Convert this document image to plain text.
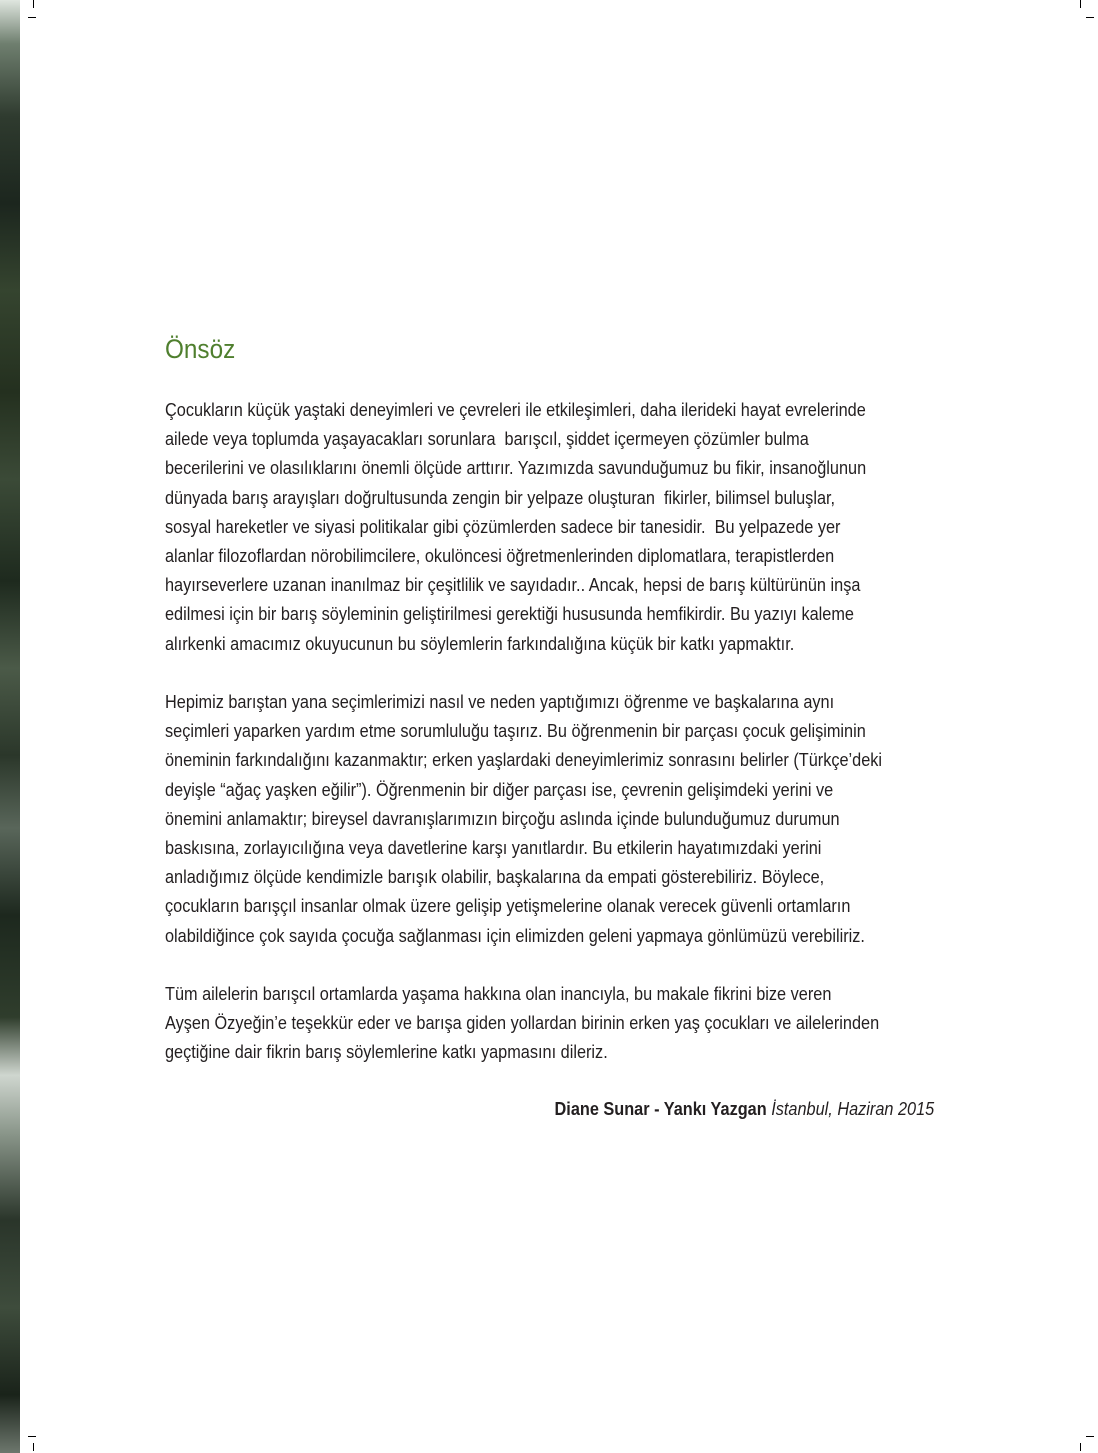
Önsöz

Çocukların küçük yaştaki deneyimleri ve çevreleri ile etkileşimleri, daha ilerideki hayat evrelerinde
ailede veya toplumda yaşayacakları sorunlara  barışcıl, şiddet içermeyen çözümler bulma
becerilerini ve olasılıklarını önemli ölçüde arttırır. Yazımızda savunduğumuz bu fikir, insanoğlunun
dünyada barış arayışları doğrultusunda zengin bir yelpaze oluşturan  fikirler, bilimsel buluşlar,
sosyal hareketler ve siyasi politikalar gibi çözümlerden sadece bir tanesidir.  Bu yelpazede yer
alanlar filozoflardan nörobilimcilere, okulöncesi öğretmenlerinden diplomatlara, terapistlerden
hayırseverlere uzanan inanılmaz bir çeşitlilik ve sayıdadır.. Ancak, hepsi de barış kültürünün inşa
edilmesi için bir barış söyleminin geliştirilmesi gerektiği hususunda hemfikirdir. Bu yazıyı kaleme
alırkenki amacımız okuyucunun bu söylemlerin farkındalığına küçük bir katkı yapmaktır.

Hepimiz barıştan yana seçimlerimizi nasıl ve neden yaptığımızı öğrenme ve başkalarına aynı
seçimleri yaparken yardım etme sorumluluğu taşırız. Bu öğrenmenin bir parçası çocuk gelişiminin
öneminin farkındalığını kazanmaktır; erken yaşlardaki deneyimlerimiz sonrasını belirler (Türkçe’deki
deyişle “ağaç yaşken eğilir”). Öğrenmenin bir diğer parçası ise, çevrenin gelişimdeki yerini ve
önemini anlamaktır; bireysel davranışlarımızın birçoğu aslında içinde bulunduğumuz durumun
baskısına, zorlayıcılığına veya davetlerine karşı yanıtlardır. Bu etkilerin hayatımızdaki yerini
anladığımız ölçüde kendimizle barışık olabilir, başkalarına da empati gösterebiliriz. Böylece,
çocukların barışçıl insanlar olmak üzere gelişip yetişmelerine olanak verecek güvenli ortamların
olabildiğince çok sayıda çocuğa sağlanması için elimizden geleni yapmaya gönlümüzü verebiliriz.

Tüm ailelerin barışcıl ortamlarda yaşama hakkına olan inancıyla, bu makale fikrini bize veren
Ayşen Özyeğin’e teşekkür eder ve barışa giden yollardan birinin erken yaş çocukları ve ailelerinden
geçtiğine dair fikrin barış söylemlerine katkı yapmasını dileriz.

Diane Sunar - Yankı Yazgan İstanbul, Haziran 2015
